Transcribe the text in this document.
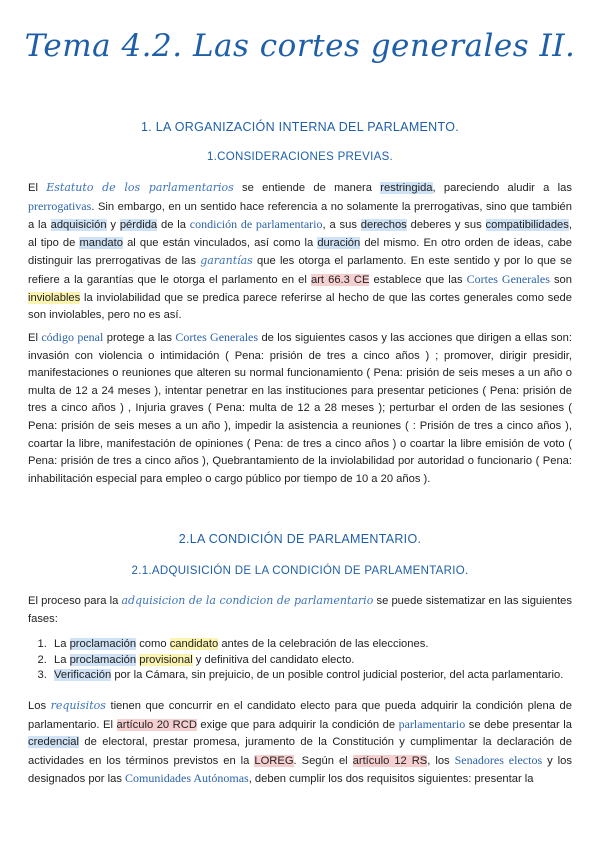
Tema 4.2. Las cortes generales II.
1. LA ORGANIZACIÓN INTERNA DEL PARLAMENTO.
1.CONSIDERACIONES PREVIAS.
El Estatuto de los parlamentarios se entiende de manera restringida, pareciendo aludir a las prerrogativas. Sin embargo, en un sentido hace referencia a no solamente la prerrogativas, sino que también a la adquisición y pérdida de la condición de parlamentario, a sus derechos deberes y sus compatibilidades, al tipo de mandato al que están vinculados, así como la duración del mismo. En otro orden de ideas, cabe distinguir las prerrogativas de las garantías que les otorga el parlamento. En este sentido y por lo que se refiere a la garantías que le otorga el parlamento en el art 66.3 CE establece que las Cortes Generales son inviolables la inviolabilidad que se predica parece referirse al hecho de que las cortes generales como sede son inviolables, pero no es así.
El código penal protege a las Cortes Generales de los siguientes casos y las acciones que dirigen a ellas son: invasión con violencia o intimidación ( Pena: prisión de tres a cinco años ) ; promover, dirigir presidir, manifestaciones o reuniones que alteren su normal funcionamiento ( Pena: prisión de seis meses a un año o multa de 12 a 24 meses ), intentar penetrar en las instituciones para presentar peticiones ( Pena: prisión de tres a cinco años ) , Injuria graves ( Pena: multa de 12 a 28 meses ); perturbar el orden de las sesiones ( Pena: prisión de seis meses a un año ), impedir la asistencia a reuniones ( : Prisión de tres a cinco años ), coartar la libre, manifestación de opiniones ( Pena: de tres a cinco años ) o coartar la libre emisión de voto ( Pena: prisión de tres a cinco años ), Quebrantamiento de la inviolabilidad por autoridad o funcionario ( Pena: inhabilitación especial para empleo o cargo público por tiempo de 10 a 20 años ).
2.LA CONDICIÓN DE PARLAMENTARIO.
2.1.ADQUISICIÓN DE LA CONDICIÓN DE PARLAMENTARIO.
El proceso para la adquisicion de la condicion de parlamentario se puede sistematizar en las siguientes fases:
1. La proclamación como candidato antes de la celebración de las elecciones.
2. La proclamación provisional y definitiva del candidato electo.
3. Verificación por la Cámara, sin prejuicio, de un posible control judicial posterior, del acta parlamentario.
Los requisitos tienen que concurrir en el candidato electo para que pueda adquirir la condición plena de parlamentario. El artículo 20 RCD exige que para adquirir la condición de parlamentario se debe presentar la credencial de electoral, prestar promesa, juramento de la Constitución y cumplimentar la declaración de actividades en los términos previstos en la LOREG. Según el artículo 12 RS, los Senadores electos y los designados por las Comunidades Autónomas, deben cumplir los dos requisitos siguientes: presentar la
